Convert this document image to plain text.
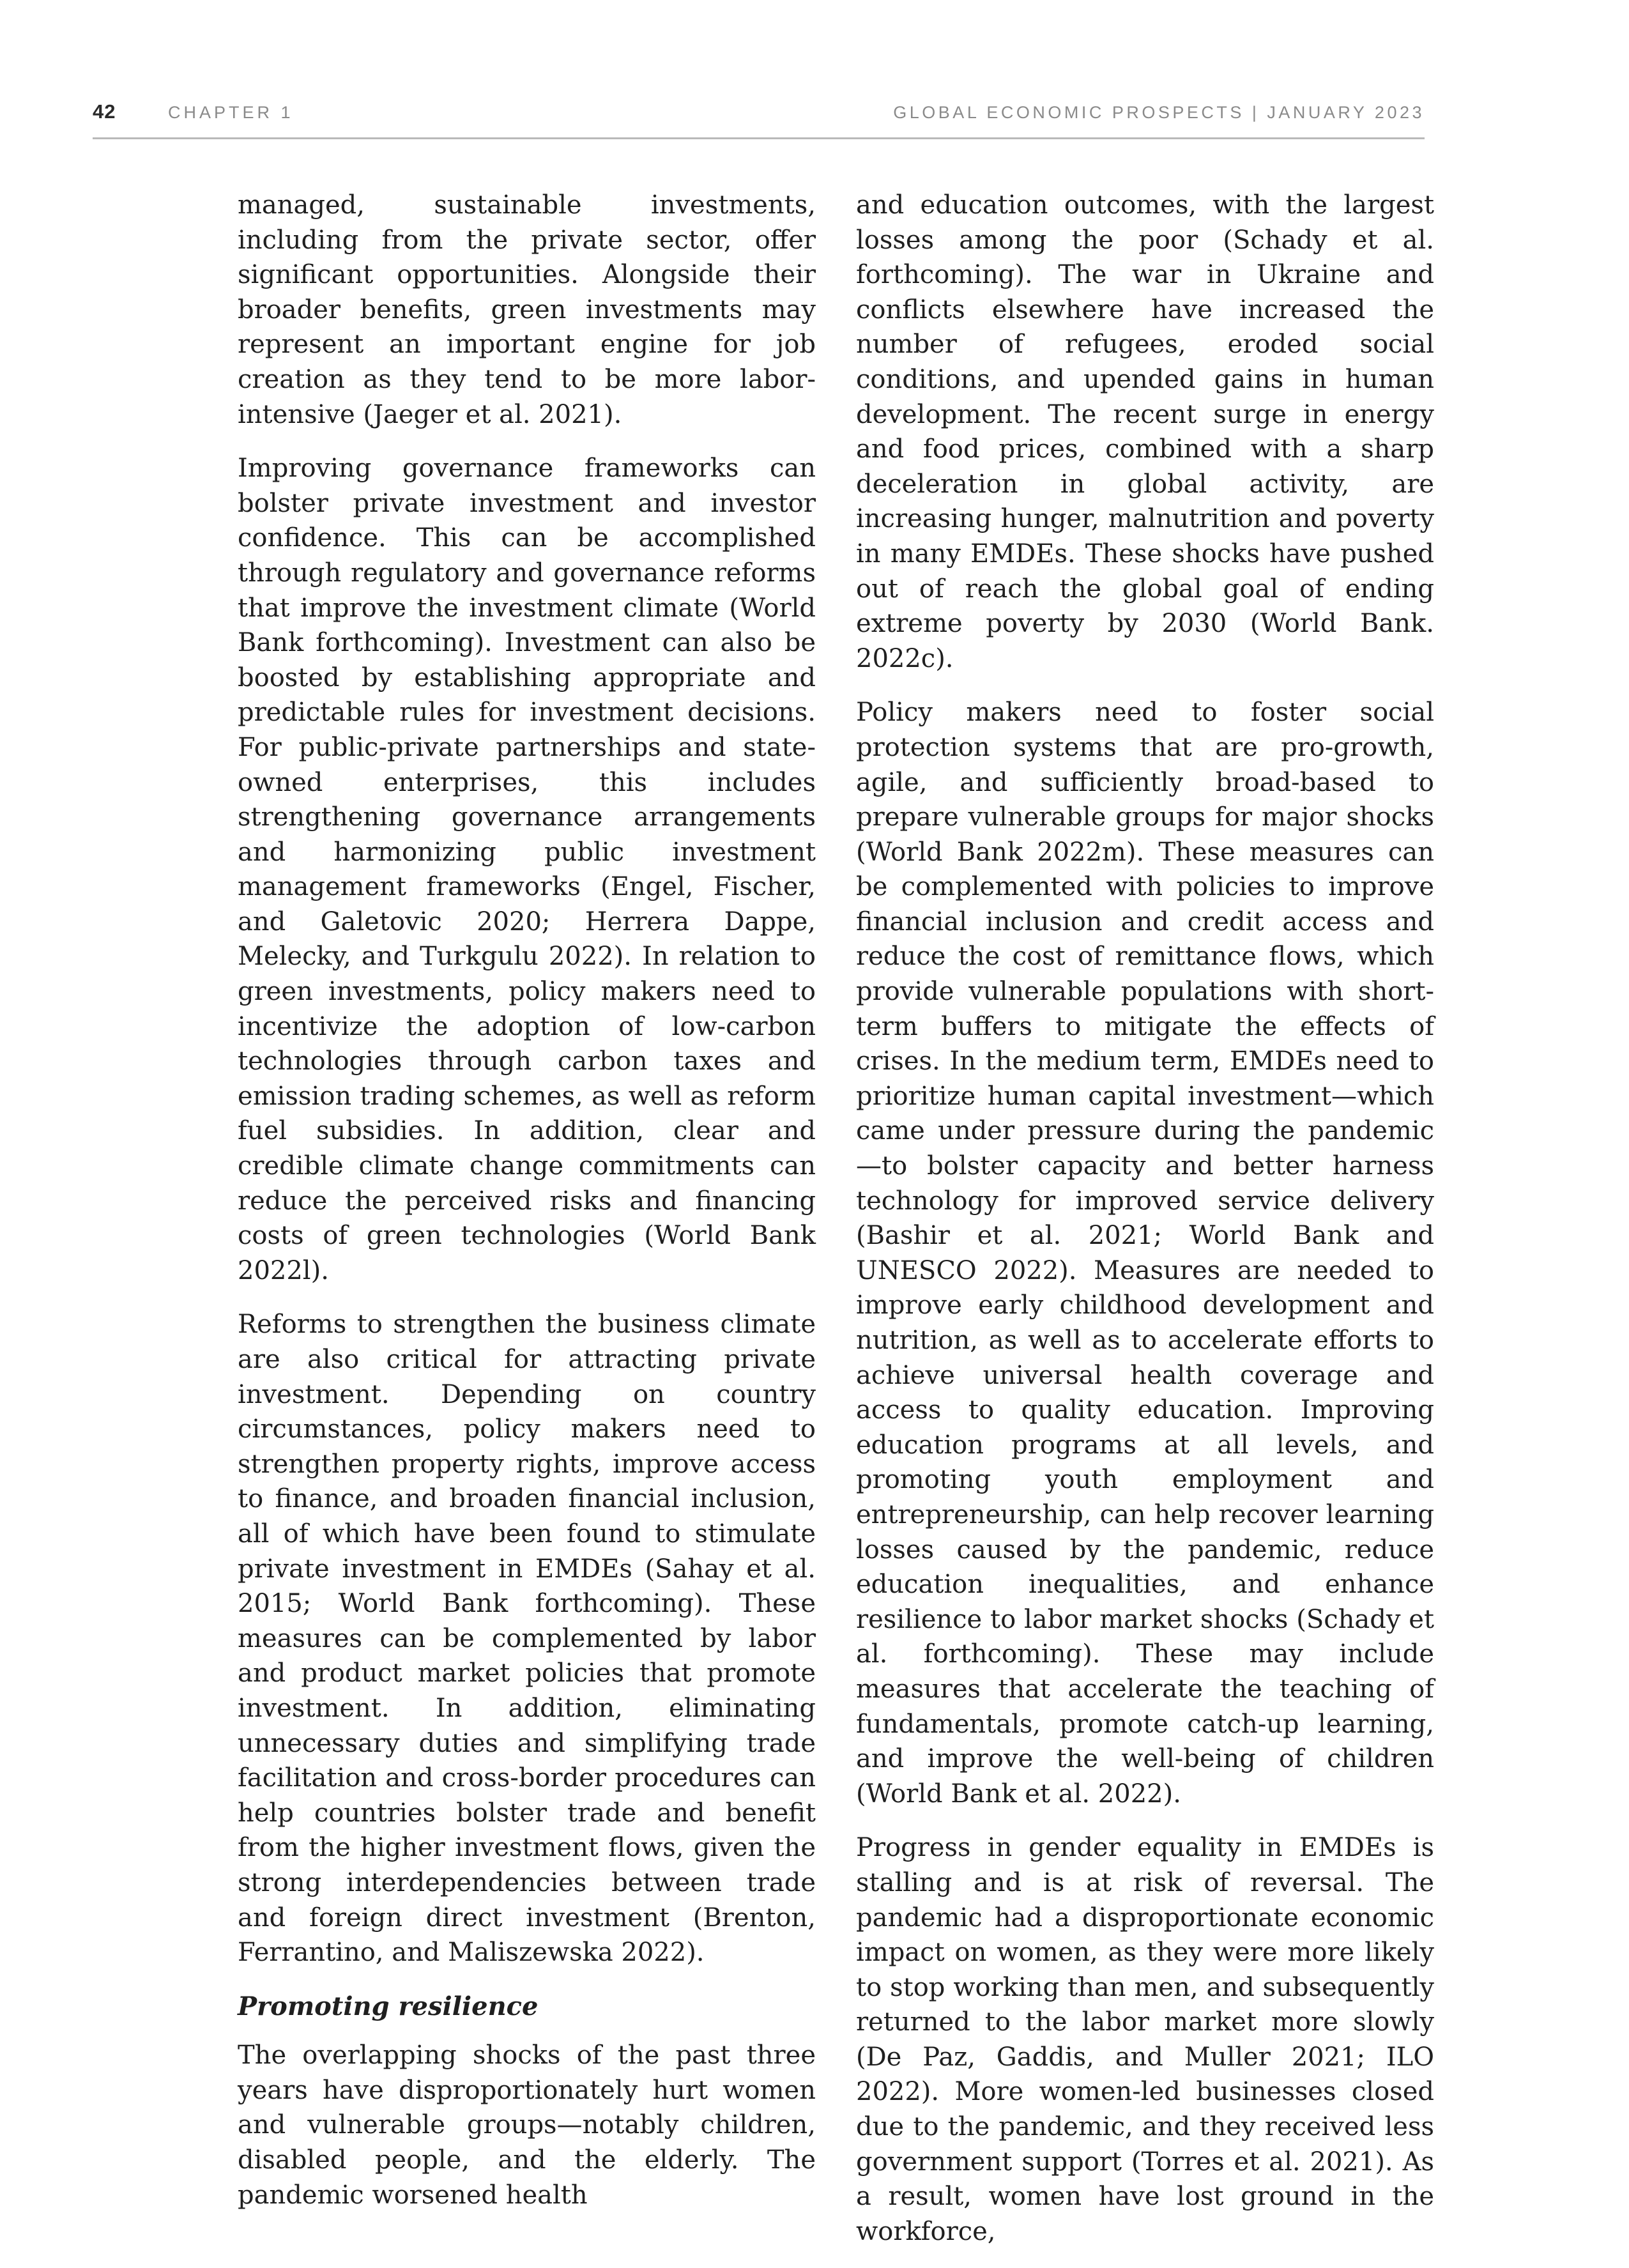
42	CHAPTER 1	GLOBAL ECONOMIC PROSPECTS | JANUARY 2023

managed, sustainable investments, including from the private sector, offer significant opportunities. Alongside their broader benefits, green investments may represent an important engine for job creation as they tend to be more labor-intensive (Jaeger et al. 2021).

Improving governance frameworks can bolster private investment and investor confidence. This can be accomplished through regulatory and governance reforms that improve the investment climate (World Bank forthcoming). Investment can also be boosted by establishing appropriate and predictable rules for investment decisions. For public-private partnerships and state-owned enterprises, this includes strengthening governance arrangements and harmonizing public investment management frameworks (Engel, Fischer, and Galetovic 2020; Herrera Dappe, Melecky, and Turkgulu 2022). In relation to green investments, policy makers need to incentivize the adoption of low-carbon technologies through carbon taxes and emission trading schemes, as well as reform fuel subsidies. In addition, clear and credible climate change commitments can reduce the perceived risks and financing costs of green technologies (World Bank 2022l).

Reforms to strengthen the business climate are also critical for attracting private investment. Depending on country circumstances, policy makers need to strengthen property rights, improve access to finance, and broaden financial inclusion, all of which have been found to stimulate private investment in EMDEs (Sahay et al. 2015; World Bank forthcoming). These measures can be complemented by labor and product market policies that promote investment. In addition, eliminating unnecessary duties and simplifying trade facilitation and cross-border procedures can help countries bolster trade and benefit from the higher investment flows, given the strong interdependencies between trade and foreign direct investment (Brenton, Ferrantino, and Maliszewska 2022).

Promoting resilience

The overlapping shocks of the past three years have disproportionately hurt women and vulnerable groups—notably children, disabled people, and the elderly. The pandemic worsened health

and education outcomes, with the largest losses among the poor (Schady et al. forthcoming). The war in Ukraine and conflicts elsewhere have increased the number of refugees, eroded social conditions, and upended gains in human development. The recent surge in energy and food prices, combined with a sharp deceleration in global activity, are increasing hunger, malnutrition and poverty in many EMDEs. These shocks have pushed out of reach the global goal of ending extreme poverty by 2030 (World Bank. 2022c).

Policy makers need to foster social protection systems that are pro-growth, agile, and sufficiently broad-based to prepare vulnerable groups for major shocks (World Bank 2022m). These measures can be complemented with policies to improve financial inclusion and credit access and reduce the cost of remittance flows, which provide vulnerable populations with short-term buffers to mitigate the effects of crises. In the medium term, EMDEs need to prioritize human capital investment—which came under pressure during the pandemic—to bolster capacity and better harness technology for improved service delivery (Bashir et al. 2021; World Bank and UNESCO 2022). Measures are needed to improve early childhood development and nutrition, as well as to accelerate efforts to achieve universal health coverage and access to quality education. Improving education programs at all levels, and promoting youth employment and entrepreneurship, can help recover learning losses caused by the pandemic, reduce education inequalities, and enhance resilience to labor market shocks (Schady et al. forthcoming). These may include measures that accelerate the teaching of fundamentals, promote catch-up learning, and improve the well-being of children (World Bank et al. 2022).

Progress in gender equality in EMDEs is stalling and is at risk of reversal. The pandemic had a disproportionate economic impact on women, as they were more likely to stop working than men, and subsequently returned to the labor market more slowly (De Paz, Gaddis, and Muller 2021; ILO 2022). More women-led businesses closed due to the pandemic, and they received less government support (Torres et al. 2021). As a result, women have lost ground in the workforce,
